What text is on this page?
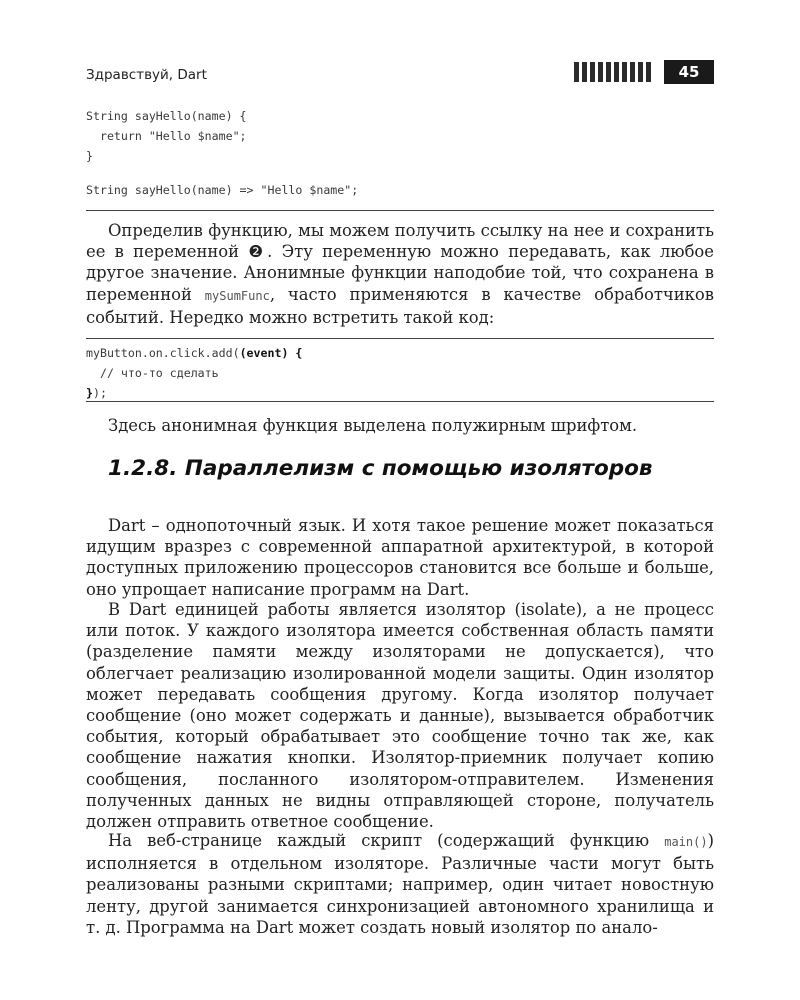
Здравствуй, Dart	45
String sayHello(name) {
return "Hello $name";
}
String sayHello(name) => "Hello $name";

Определив функцию, мы можем получить ссылку на нее и сохранить ее в переменной ❷. Эту переменную можно передавать, как любое другое значение. Анонимные функции наподобие той, что сохранена в переменной mySumFunc, часто применяются в качестве обработчиков событий. Нередко можно встретить такой код:

myButton.on.click.add((event) {
// что-то сделать
});

Здесь анонимная функция выделена полужирным шрифтом.

1.2.8. Параллелизм с помощью изоляторов

Dart – однопоточный язык. И хотя такое решение может показаться идущим вразрез с современной аппаратной архитектурой, в которой доступных приложению процессоров становится все больше и больше, оно упрощает написание программ на Dart.

В Dart единицей работы является изолятор (isolate), а не процесс или поток. У каждого изолятора имеется собственная область памяти (разделение памяти между изоляторами не допускается), что облегчает реализацию изолированной модели защиты. Один изолятор может передавать сообщения другому. Когда изолятор получает сообщение (оно может содержать и данные), вызывается обработчик события, который обрабатывает это сообщение точно так же, как сообщение нажатия кнопки. Изолятор-приемник получает копию сообщения, посланного изолятором-отправителем. Изменения полученных данных не видны отправляющей стороне, получатель должен отправить ответное сообщение.

На веб-странице каждый скрипт (содержащий функцию main()) исполняется в отдельном изоляторе. Различные части могут быть реализованы разными скриптами; например, один читает новостную ленту, другой занимается синхронизацией автономного хранилища и т. д. Программа на Dart может создать новый изолятор по анало-
